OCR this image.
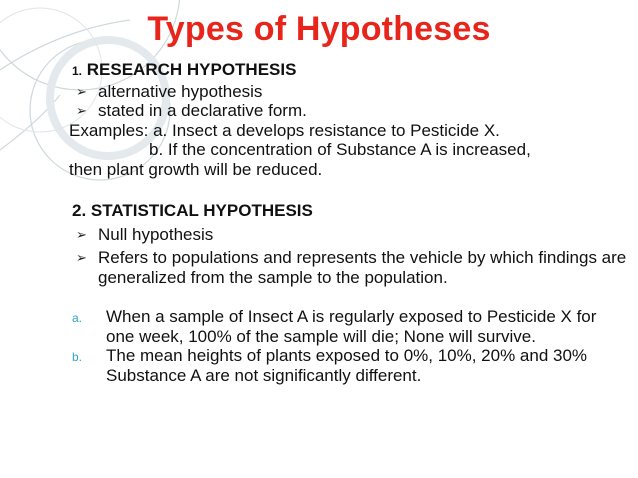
Types of Hypotheses

1. RESEARCH HYPOTHESIS

➢ alternative hypothesis

➢ stated in a declarative form.

Examples: a. Insect a develops resistance to Pesticide X.

b. If the concentration of Substance A is increased,

then plant growth will be reduced.

2. STATISTICAL HYPOTHESIS

➢ Null hypothesis

➢ Refers to populations and represents the vehicle by which findings are generalized from the sample to the population.

a. When a sample of Insect A is regularly exposed to Pesticide X for one week, 100% of the sample will die; None will survive.

b. The mean heights of plants exposed to 0%, 10%, 20% and 30% Substance A are not significantly different.
